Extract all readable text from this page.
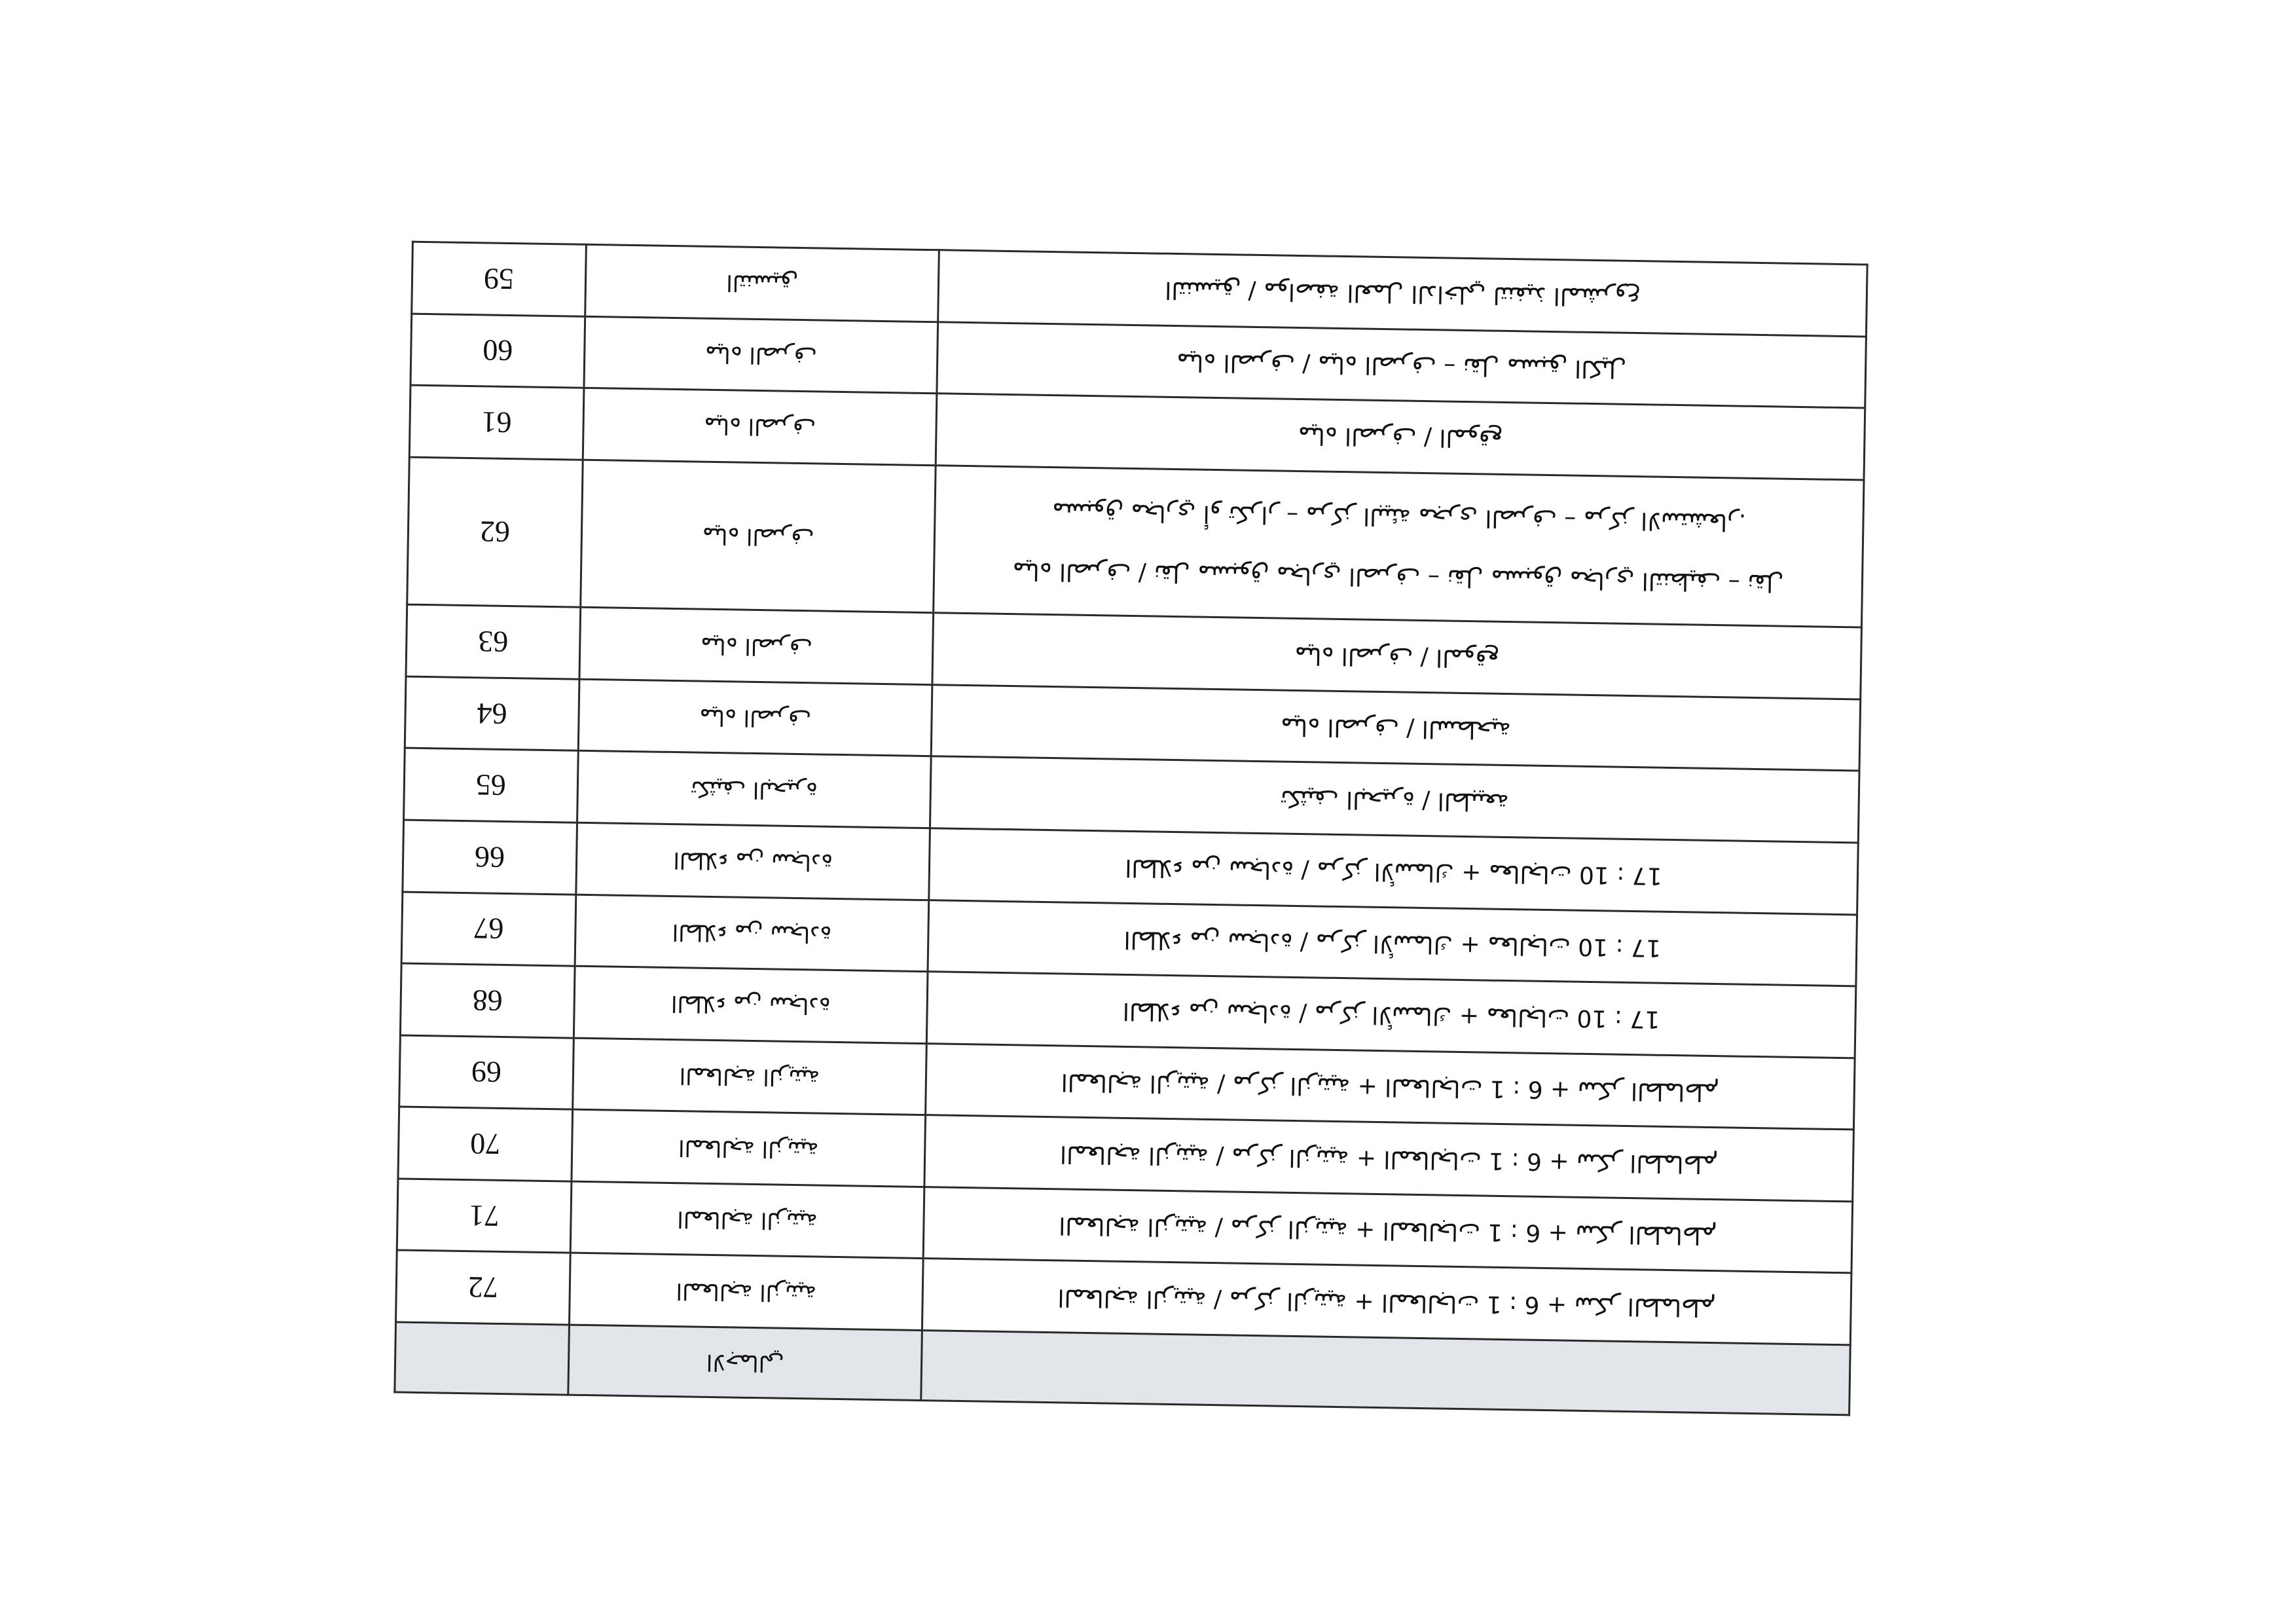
	الاجمالي	
72	المعالجة الزيتية	المعالجة الزيتية / مركز الزيتية + المعالجات 1 : 6 + سكر الطماطم

71	المعالجة الزيتية	المعالجة الزيتية / مركز الزيتية + المعالجات 1 : 6 + سكر الطماطم

70	المعالجة الزيتية	المعالجة الزيتية / مركز الزيتية + المعالجات 1 : 6 + سكر الطماطم

69	المعالجة الزيتية	المعالجة الزيتية / مركز الزيتية + المعالجات 1 : 6 + سكر الطماطم

68	الطلاء من سجادة	الطلاء من سجادة / مركز الأسماك + معالجات 10 : 17

67	الطلاء من سجادة	الطلاء من سجادة / مركز الأسماك + معالجات 10 : 17

66	الطلاء من سجادة	الطلاء من سجادة / مركز الأسماك + معالجات 10 : 17

65	تكثيف البحيرة	تكثيف البحيرة / الطبيعة

64	مياه الصرف	مياه الصرف / السطحية

63	مياه الصرف	مياه الصرف / الموقع

62	مياه الصرف	مياه الصرف / نقل مسبوق مجاري الصرف – نقل مسبوق مجاري التنظيف – نقل
مسبوق مجاري أو تكرار – مركز البيئة مجرى الصرف – مركز الاستشعار.

61	مياه الصرف	مياه الصرف / الموقع

60	مياه الصرف	مياه الصرف / مياه الصرف – نقل مسبق الكيل

59	التنسيق	التنسيق / مواصفة العمل الداخلي لتنفيذ المشروع
